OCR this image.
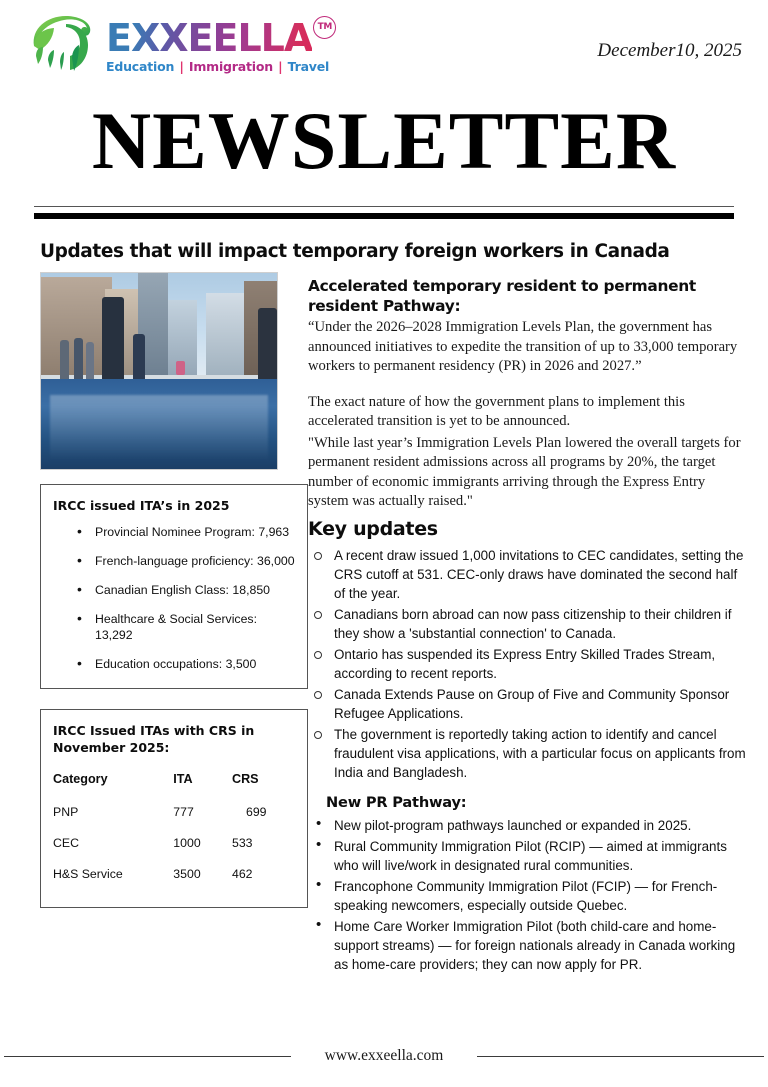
EXXEELLA TM
Education | Immigration | Travel
December10, 2025
NEWSLETTER
Updates that will impact temporary foreign workers in Canada
IRCC issued ITA’s in 2025
• Provincial Nominee Program: 7,963
• French-language proficiency: 36,000
• Canadian English Class: 18,850
• Healthcare & Social Services: 13,292
• Education occupations: 3,500
IRCC Issued ITAs with CRS in November 2025:
Category	ITA	CRS
PNP	777	699
CEC	1000	533
H&S Service	3500	462
Accelerated temporary resident to permanent resident Pathway:

“Under the 2026–2028 Immigration Levels Plan, the government has announced initiatives to expedite the transition of up to 33,000 temporary workers to permanent residency (PR) in 2026 and 2027.”

The exact nature of how the government plans to implement this accelerated transition is yet to be announced.

"While last year’s Immigration Levels Plan lowered the overall targets for permanent resident admissions across all programs by 20%, the target number of economic immigrants arriving through the Express Entry system was actually raised."

Key updates
A recent draw issued 1,000 invitations to CEC candidates, setting the CRS cutoff at 531. CEC-only draws have dominated the second half of the year.
Canadians born abroad can now pass citizenship to their children if they show a 'substantial connection' to Canada.
Ontario has suspended its Express Entry Skilled Trades Stream, according to recent reports.
Canada Extends Pause on Group of Five and Community Sponsor Refugee Applications.
The government is reportedly taking action to identify and cancel fraudulent visa applications, with a particular focus on applicants from India and Bangladesh.
New PR Pathway:
• New pilot-program pathways launched or expanded in 2025.
• Rural Community Immigration Pilot (RCIP) — aimed at immigrants who will live/work in designated rural communities.
• Francophone Community Immigration Pilot (FCIP) — for French-speaking newcomers, especially outside Quebec.
• Home Care Worker Immigration Pilot (both child-care and home-support streams) — for foreign nationals already in Canada working as home-care providers; they can now apply for PR.
www.exxeella.com
